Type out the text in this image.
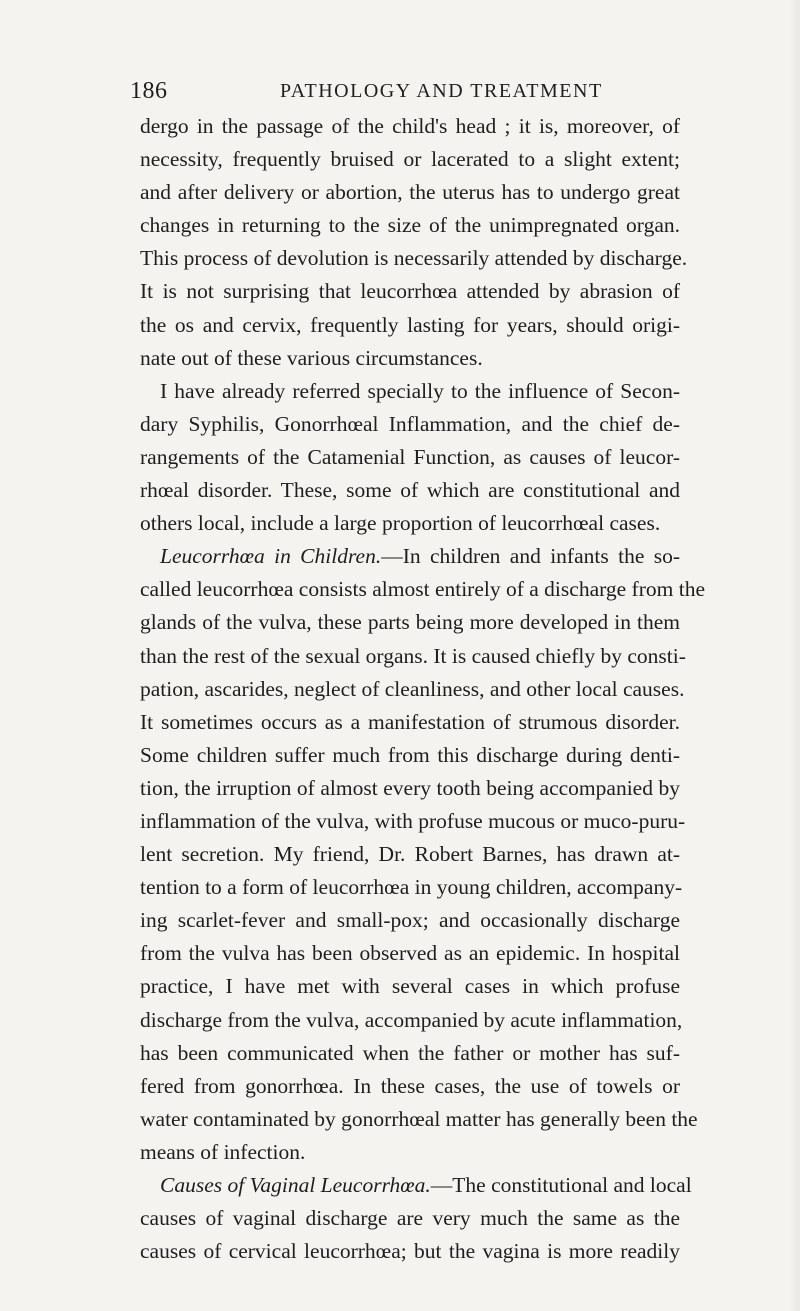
186	PATHOLOGY AND TREATMENT
dergo in the passage of the child's head ; it is, moreover, of
necessity, frequently bruised or lacerated to a slight extent;
and after delivery or abortion, the uterus has to undergo great
changes in returning to the size of the unimpregnated organ.
This process of devolution is necessarily attended by discharge.
It is not surprising that leucorrhœa attended by abrasion of
the os and cervix, frequently lasting for years, should origi-
nate out of these various circumstances.
I have already referred specially to the influence of Secon-
dary Syphilis, Gonorrhœal Inflammation, and the chief de-
rangements of the Catamenial Function, as causes of leucor-
rhœal disorder. These, some of which are constitutional and
others local, include a large proportion of leucorrhœal cases.
Leucorrhœa in Children.—In children and infants the so-
called leucorrhœa consists almost entirely of a discharge from the
glands of the vulva, these parts being more developed in them
than the rest of the sexual organs. It is caused chiefly by consti-
pation, ascarides, neglect of cleanliness, and other local causes.
It sometimes occurs as a manifestation of strumous disorder.
Some children suffer much from this discharge during denti-
tion, the irruption of almost every tooth being accompanied by
inflammation of the vulva, with profuse mucous or muco-puru-
lent secretion. My friend, Dr. Robert Barnes, has drawn at-
tention to a form of leucorrhœa in young children, accompany-
ing scarlet-fever and small-pox; and occasionally discharge
from the vulva has been observed as an epidemic. In hospital
practice, I have met with several cases in which profuse
discharge from the vulva, accompanied by acute inflammation,
has been communicated when the father or mother has suf-
fered from gonorrhœa. In these cases, the use of towels or
water contaminated by gonorrhœal matter has generally been the
means of infection.
Causes of Vaginal Leucorrhœa.—The constitutional and local
causes of vaginal discharge are very much the same as the
causes of cervical leucorrhœa; but the vagina is more readily
